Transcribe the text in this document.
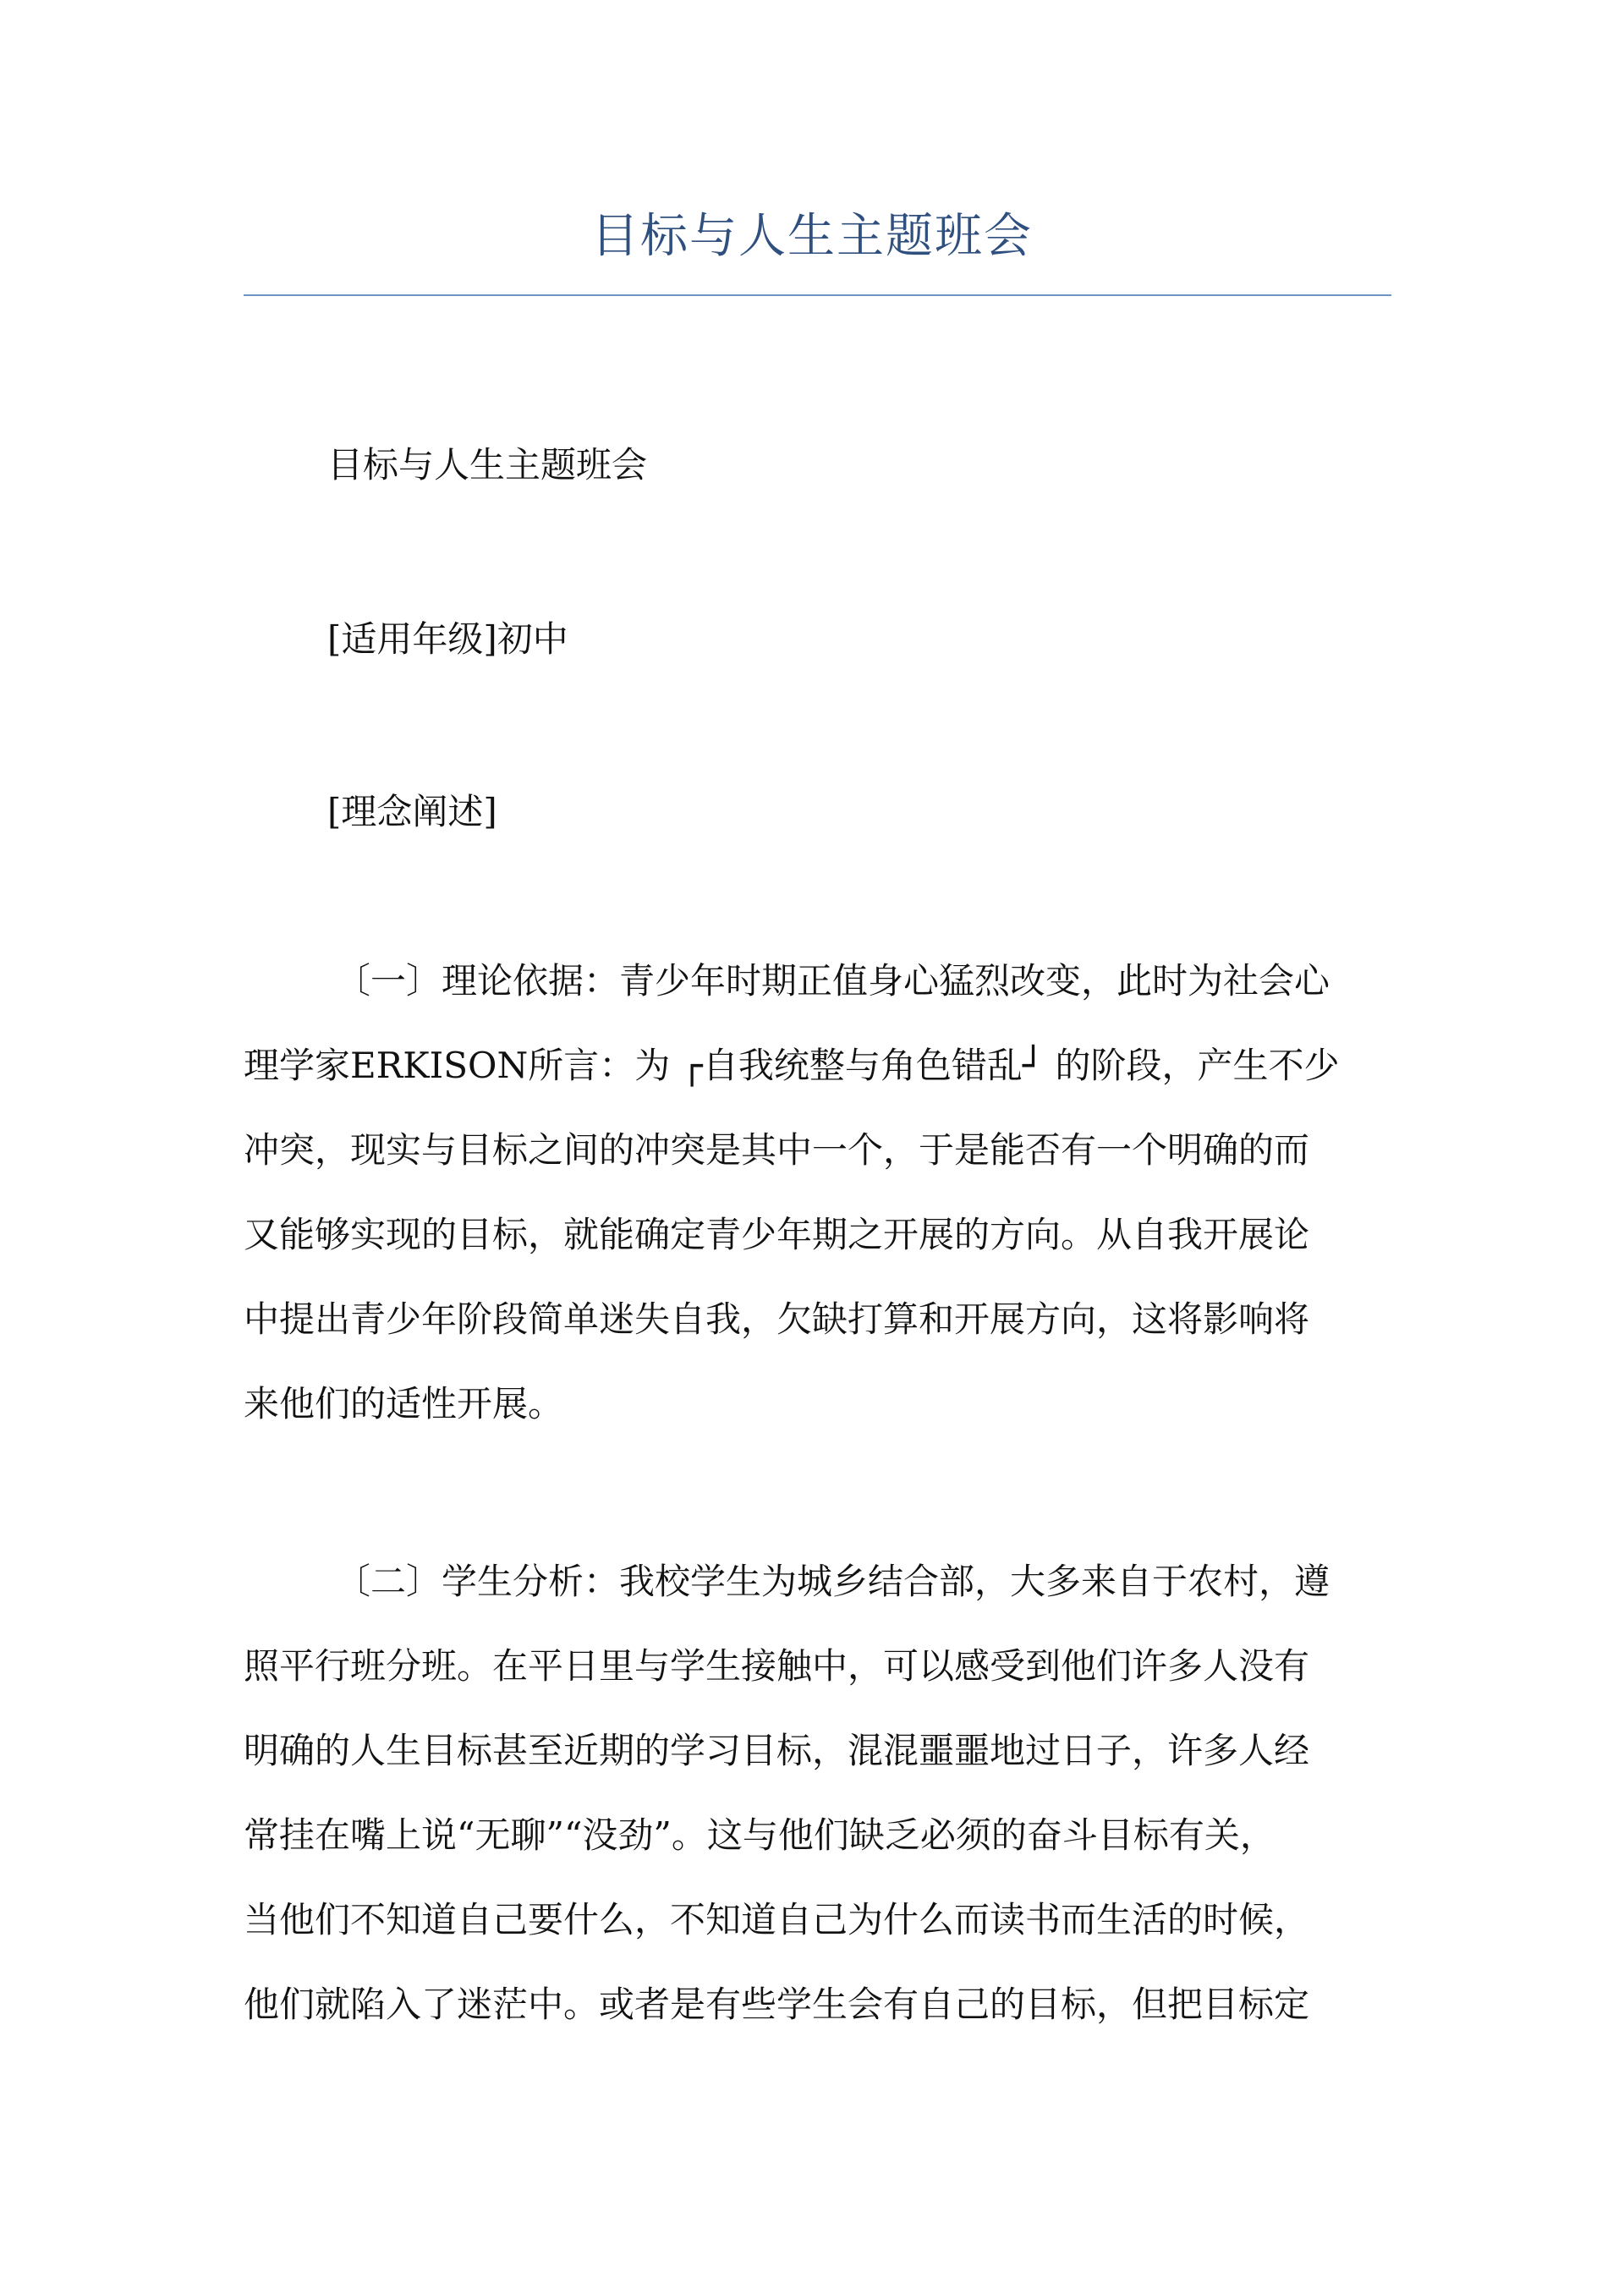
目标与人生主题班会
目标与人生主题班会
[适用年级]初中
[理念阐述]
〔一〕理论依据：青少年时期正值身心猛烈改变，此时为社会心
理学家ERKISON所言：为 ┌自我统整与角色错乱┘ 的阶段，产生不少
冲突，现实与目标之间的冲突是其中一个，于是能否有一个明确的而
又能够实现的目标，就能确定青少年期之开展的方向。从自我开展论
中提出青少年阶段简单迷失自我，欠缺打算和开展方向，这将影响将
来他们的适性开展。
〔二〕学生分析：我校学生为城乡结合部，大多来自于农村，遵
照平行班分班。在平日里与学生接触中，可以感受到他们许多人没有
明确的人生目标甚至近期的学习目标，混混噩噩地过日子，许多人经
常挂在嘴上说“无聊”“没劲”。这与他们缺乏必须的奋斗目标有关，
当他们不知道自己要什么，不知道自己为什么而读书而生活的时候，
他们就陷入了迷茫中。或者是有些学生会有自己的目标，但把目标定
